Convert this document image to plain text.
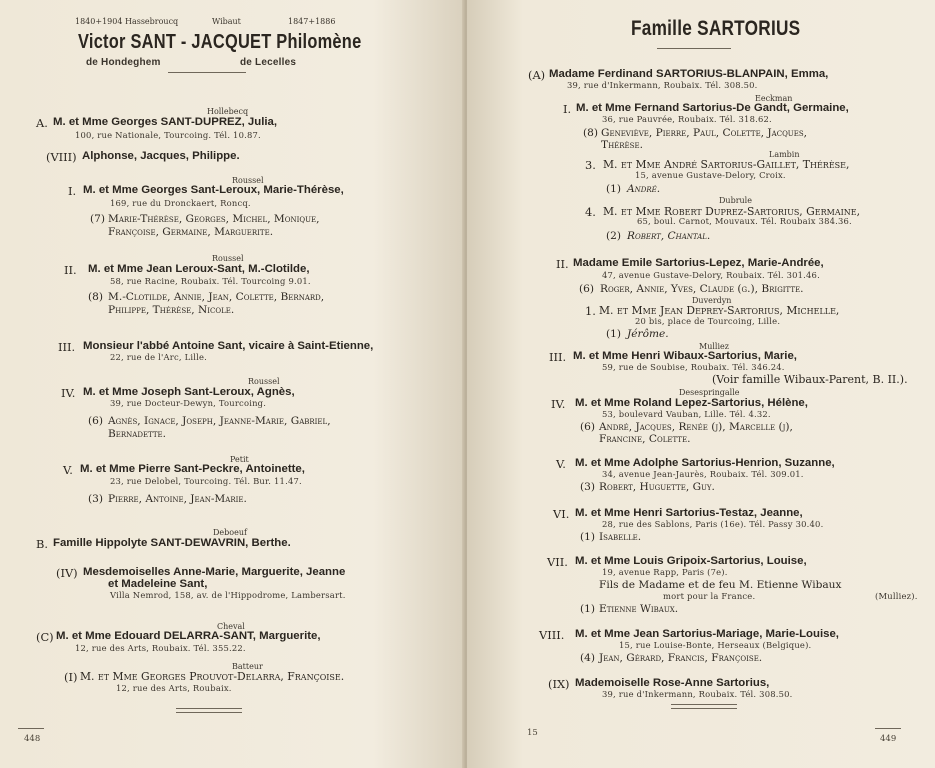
1840+1904 Hassebroucq	Wibaut	1847+1886
Victor SANT - JACQUET Philomène
de Hondeghem	de Lecelles
Hollebecq
A. M. et Mme Georges SANT-DUPREZ, Julia,
100, rue Nationale, Tourcoing. Tél. 10.87.
(VIII) Alphonse, Jacques, Philippe.
Roussel
I. M. et Mme Georges Sant-Leroux, Marie-Thérèse,
169, rue du Dronckaert, Roncq.
(7) Marie-Thérèse, Georges, Michel, Monique,
Françoise, Germaine, Marguerite.
Roussel
II. M. et Mme Jean Leroux-Sant, M.-Clotilde,
58, rue Racine, Roubaix. Tél. Tourcoing 9.01.
(8) M.-Clotilde, Annie, Jean, Colette, Bernard,
Philippe, Thérèse, Nicole.
III. Monsieur l'abbé Antoine Sant, vicaire à Saint-Etienne,
22, rue de l'Arc, Lille.
Roussel
IV. M. et Mme Joseph Sant-Leroux, Agnès,
39, rue Docteur-Dewyn, Tourcoing.
(6) Agnès, Ignace, Joseph, Jeanne-Marie, Gabriel,
Bernadette.
Petit
V. M. et Mme Pierre Sant-Peckre, Antoinette,
23, rue Delobel, Tourcoing. Tél. Bur. 11.47.
(3) Pierre, Antoine, Jean-Marie.
Deboeuf
B. Famille Hippolyte SANT-DEWAVRIN, Berthe.
(IV) Mesdemoiselles Anne-Marie, Marguerite, Jeanne
et Madeleine Sant,
Villa Nemrod, 158, av. de l'Hippodrome, Lambersart.
Cheval
(C) M. et Mme Edouard DELARRA-SANT, Marguerite,
12, rue des Arts, Roubaix. Tél. 355.22.
Batteur
(I) M. et Mme Georges Prouvot-Delarra, Françoise.
12, rue des Arts, Roubaix.
448
Famille SARTORIUS
(A) Madame Ferdinand SARTORIUS-BLANPAIN, Emma,
39, rue d'Inkermann, Roubaix. Tél. 308.50.
Eeckman
I. M. et Mme Fernand Sartorius-De Gandt, Germaine,
36, rue Pauvrée, Roubaix. Tél. 318.62.
(8) Geneviève, Pierre, Paul, Colette, Jacques,
Thérèse.
Lambin
3. M. et Mme André Sartorius-Gaillet, Thérèse,
15, avenue Gustave-Delory, Croix.
(1) André.
Dubrule
4. M. et Mme Robert Duprez-Sartorius, Germaine,
65, boul. Carnot, Mouvaux. Tél. Roubaix 384.36.
(2) Robert, Chantal.
II. Madame Emile Sartorius-Lepez, Marie-Andrée,
47, avenue Gustave-Delory, Roubaix. Tél. 301.46.
(6) Roger, Annie, Yves, Claude (g.), Brigitte.
Duverdyn
1. M. et Mme Jean Deprey-Sartorius, Michelle,
20 bis, place de Tourcoing, Lille.
(1) Jérôme.
Mulliez
III. M. et Mme Henri Wibaux-Sartorius, Marie,
59, rue de Soubise, Roubaix. Tél. 346.24.
(Voir famille Wibaux-Parent, B. II.).
Desespringalle
IV. M. et Mme Roland Lepez-Sartorius, Hélène,
53, boulevard Vauban, Lille. Tél. 4.32.
(6) André, Jacques, Renée (j), Marcelle (j),
Francine, Colette.
V. M. et Mme Adolphe Sartorius-Henrion, Suzanne,
34, avenue Jean-Jaurès, Roubaix. Tél. 309.01.
(3) Robert, Huguette, Guy.
VI. M. et Mme Henri Sartorius-Testaz, Jeanne,
28, rue des Sablons, Paris (16e). Tél. Passy 30.40.
(1) Isabelle.
VII. M. et Mme Louis Gripoix-Sartorius, Louise,
19, avenue Rapp, Paris (7e).
Fils de Madame et de feu M. Etienne Wibaux
mort pour la France.	(Mulliez).
(1) Etienne Wibaux.
VIII. M. et Mme Jean Sartorius-Mariage, Marie-Louise,
15, rue Louise-Bonte, Herseaux (Belgique).
(4) Jean, Gérard, Francis, Françoise.
(IX) Mademoiselle Rose-Anne Sartorius,
39, rue d'Inkermann, Roubaix. Tél. 308.50.
15
449
